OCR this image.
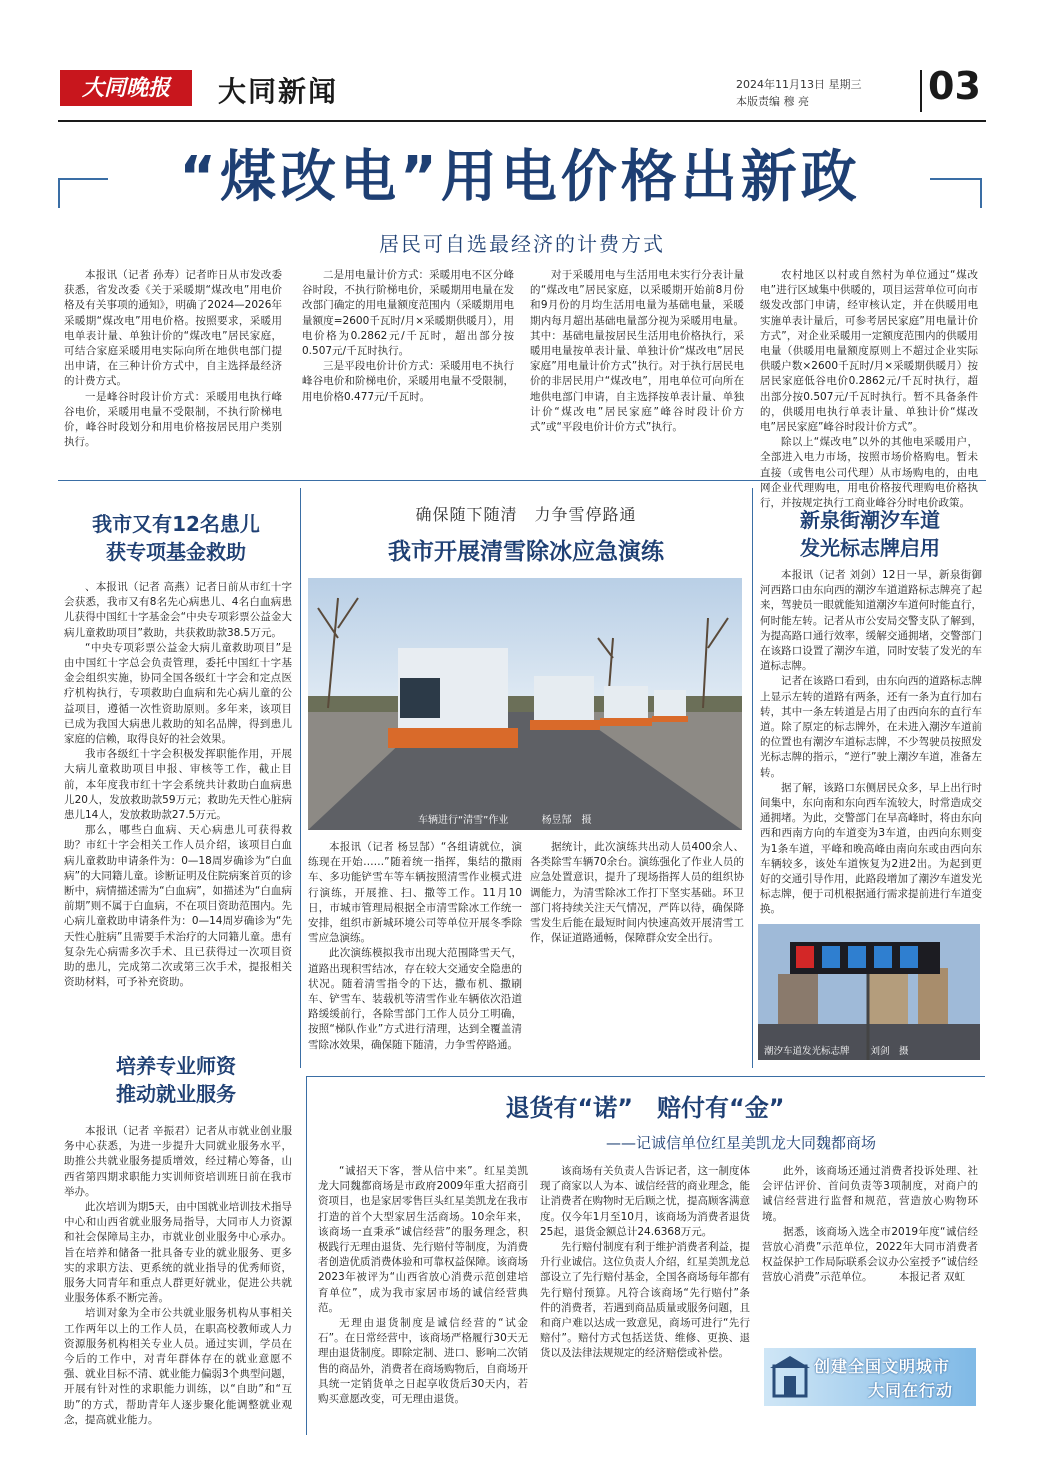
大同晚报	大同新闻	2024年11月13日 星期三
本版责编 穆 亮	03
“煤改电”用电价格出新政
居民可自选最经济的计费方式

本报讯（记者 孙寿）记者昨日从市发改委获悉，省发改委《关于采暖期“煤改电”用电价格及有关事项的通知》，明确了2024—2026年采暖期“煤改电”用电价格。按照要求，采暖用电单表计量、单独计价的“煤改电”居民家庭，可结合家庭采暖用电实际向所在地供电部门提出申请，在三种计价方式中，自主选择最经济的计费方式。

一是峰谷时段计价方式：采暖用电执行峰谷电价，采暖用电量不受限制，不执行阶梯电价，峰谷时段划分和用电价格按居民用户类别执行。

二是用电量计价方式：采暖用电不区分峰谷时段，不执行阶梯电价，采暖期用电量在发改部门确定的用电量额度范围内（采暖期用电量额度=2600千瓦时/月×采暖期供暖月），用电价格为0.2862元/千瓦时，超出部分按0.507元/千瓦时执行。

三是平段电价计价方式：采暖用电不执行峰谷电价和阶梯电价，采暖用电量不受限制，用电价格0.477元/千瓦时。

对于采暖用电与生活用电未实行分表计量的“煤改电”居民家庭，以采暖期开始前8月份和9月份的月均生活用电量为基础电量，采暖期内每月超出基础电量部分视为采暖用电量。其中：基础电量按居民生活用电价格执行，采暖用电量按单表计量、单独计价“煤改电”居民家庭”用电量计价方式”执行。对于执行居民电价的非居民用户“煤改电”，用电单位可向所在地供电部门申请，自主选择按单表计量、单独计价“煤改电”居民家庭”峰谷时段计价方式”或“平段电价计价方式”执行。

农村地区以村或自然村为单位通过“煤改电”进行区域集中供暖的，项目运营单位可向市级发改部门申请，经审核认定，并在供暖用电实施单表计量后，可参考居民家庭”用电量计价方式”，对企业采暖用一定额度范围内的供暖用电量（供暖用电量额度原则上不超过企业实际供暖户数×2600千瓦时/月×采暖期供暖月）按居民家庭低谷电价0.2862元/千瓦时执行，超出部分按0.507元/千瓦时执行。暂不具备条件的，供暖用电执行单表计量、单独计价“煤改电”居民家庭”峰谷时段计价方式”。

除以上“煤改电”以外的其他电采暖用户，全部进入电力市场，按照市场价格购电。暂未直接（或售电公司代理）从市场购电的，由电网企业代理购电，用电价格按代理购电价格执行，并按规定执行工商业峰谷分时电价政策。

我市又有12名患儿
获专项基金救助

、本报讯（记者 高燕）记者日前从市红十字会获悉，我市又有8名先心病患儿、4名白血病患儿获得中国红十字基金会“中央专项彩票公益金大病儿童救助项目”救助，共获救助款38.5万元。

“中央专项彩票公益金大病儿童救助项目”是由中国红十字总会负责管理，委托中国红十字基金会组织实施，协同全国各级红十字会和定点医疗机构执行，专项救助白血病和先心病儿童的公益项目，遵循一次性资助原则。多年来，该项目已成为我国大病患儿救助的知名品牌，得到患儿家庭的信赖，取得良好的社会效果。

我市各级红十字会积极发挥职能作用，开展大病儿童救助项目申报、审核等工作，截止目前，本年度我市红十字会系统共计救助白血病患儿20人，发放救助款59万元；救助先天性心脏病患儿14人，发放救助款27.5万元。

那么，哪些白血病、天心病患儿可获得救助？市红十字会相关工作人员介绍，该项目白血病儿童救助申请条件为：0—18周岁确诊为“白血病”的大同籍儿童。诊断证明及住院病案首页的诊断中，病情描述需为“白血病”，如描述为“白血病前期”则不属于白血病，不在项目资助范围内。先心病儿童救助申请条件为：0—14周岁确诊为“先天性心脏病”且需要手术治疗的大同籍儿童。患有复杂先心病需多次手术、且已获得过一次项目资助的患儿，完成第二次或第三次手术，提报相关资助材料，可予补充资助。

培养专业师资
推动就业服务

本报讯（记者 辛振君）记者从市就业创业服务中心获悉，为进一步提升大同就业服务水平，助推公共就业服务提质增效，经过精心筹备，山西省第四期求职能力实训师资培训班日前在我市举办。

此次培训为期5天，由中国就业培训技术指导中心和山西省就业服务局指导，大同市人力资源和社会保障局主办，市就业创业服务中心承办。旨在培养和储备一批具备专业的就业服务、更多实的求职方法、更系统的就业指导的优秀师资，服务大同青年和重点人群更好就业，促进公共就业服务体系不断完善。

培训对象为全市公共就业服务机构从事相关工作两年以上的工作人员，在职高校教师或人力资源服务机构相关专业人员。通过实训，学员在今后的工作中，对青年群体存在的就业意愿不强、就业目标不清、就业能力偏弱3个典型问题，开展有针对性的求职能力训练，以“自助”和“互助”的方式，帮助青年人逐步聚化能调整就业观念，提高就业能力。

确保随下随清　力争雪停路通
我市开展清雪除冰应急演练
车辆进行“清雪”作业	杨昱郜　摄

本报讯（记者 杨昱郜）“各组请就位，演练现在开始……”随着统一指挥，集结的撒雨车、多功能铲雪车等车辆按照清雪作业模式进行演练，开展推、扫、撒等工作。11月10日，市城市管理局根据全市清雪除冰工作统一安排，组织市新城环境公司等单位开展冬季除雪应急演练。

此次演练模拟我市出现大范围降雪天气，道路出现积雪结冰，存在较大交通安全隐患的状况。随着清雪指令的下达，撒布机、撒刷车、铲雪车、装载机等清雪作业车辆依次沿道路缓缓前行，各除雪部门工作人员分工明确，按照“梯队作业”方式进行清理，达到全覆盖清雪除冰效果，确保随下随清，力争雪停路通。

据统计，此次演练共出动人员400余人、各类除雪车辆70余台。演练强化了作业人员的应急处置意识，提升了现场指挥人员的组织协调能力，为清雪除冰工作打下坚实基础。环卫部门将持续关注天气情况，严阵以待，确保降雪发生后能在最短时间内快速高效开展清雪工作，保证道路通畅，保障群众安全出行。

新泉街潮汐车道
发光标志牌启用

本报讯（记者 刘剑）12日一早，新泉街御河西路口由东向西的潮汐车道道路标志牌亮了起来，驾驶员一眼就能知道潮汐车道何时能直行，何时能左转。记者从市公安局交警支队了解到，为提高路口通行效率，缓解交通拥堵，交警部门在该路口设置了潮汐车道，同时安装了发光的车道标志牌。

记者在该路口看到，由东向西的道路标志牌上显示左转的道路有两条，还有一条为直行加右转，其中一条左转道是占用了由西向东的直行车道。除了原定的标志牌外，在未进入潮汐车道前的位置也有潮汐车道标志牌，不少驾驶员按照发光标志牌的指示，“逆行”驶上潮汐车道，准备左转。

据了解，该路口东侧居民众多，早上出行时间集中，东向南和东向西车流较大，时常造成交通拥堵。为此，交警部门在早高峰时，将由东向西和西南方向的车道变为3车道，由西向东则变为1条车道，平峰和晚高峰由南向东或由西向东车辆较多，该处车道恢复为2进2出。为起到更好的交通引导作用，此路段增加了潮汐车道发光标志牌，便于司机根据通行需求提前进行车道变换。

潮汐车道发光标志牌 刘剑　摄
退货有“诺”　赔付有“金”
——记诚信单位红星美凯龙大同魏都商场

“诚招天下客，誉从信中来”。红星美凯龙大同魏都商场是市政府2009年重大招商引资项目，也是家居零售巨头红星美凯龙在我市打造的首个大型家居生活商场。10余年来，该商场一直秉承“诚信经营”的服务理念，积极践行无理由退货、先行赔付等制度，为消费者创造优质消费体验和可靠权益保障。该商场2023年被评为“山西省放心消费示范创建培育单位”，成为我市家居市场的诚信经营典范。

无理由退货制度是诚信经营的“试金石”。在日常经营中，该商场严格履行30天无理由退货制度。即除定制、进口、影响二次销售的商品外，消费者在商场购物后，自商场开具统一定销货单之日起享收货后30天内，若购买意愿改变，可无理由退货。

该商场有关负责人告诉记者，这一制度体现了商家以人为本、诚信经营的商业理念，能让消费者在购物时无后顾之忧，提高顾客满意度。仅今年1月至10月，该商场为消费者退货25起，退货金额总计24.6368万元。

先行赔付制度有利于维护消费者利益，提升行业诚信。这位负责人介绍，红星美凯龙总部设立了先行赔付基金，全国各商场每年都有先行赔付预算。凡符合该商场“先行赔付”条件的消费者，若遇到商品质量或服务问题，且和商户难以达成一致意见，商场可进行“先行赔付”。赔付方式包括送货、维修、更换、退货以及法律法规规定的经济赔偿或补偿。

此外，该商场还通过消费者投诉处理、社会评估评价、首问负责等3项制度，对商户的诚信经营进行监督和规范，营造放心购物环境。

据悉，该商场入选全市2019年度“诚信经营放心消费”示范单位，2022年大同市消费者权益保护工作局际联系会议办公室授予“诚信经营放心消费”示范单位。　　　本报记者 双虹

创建全国文明城市
大同在行动
